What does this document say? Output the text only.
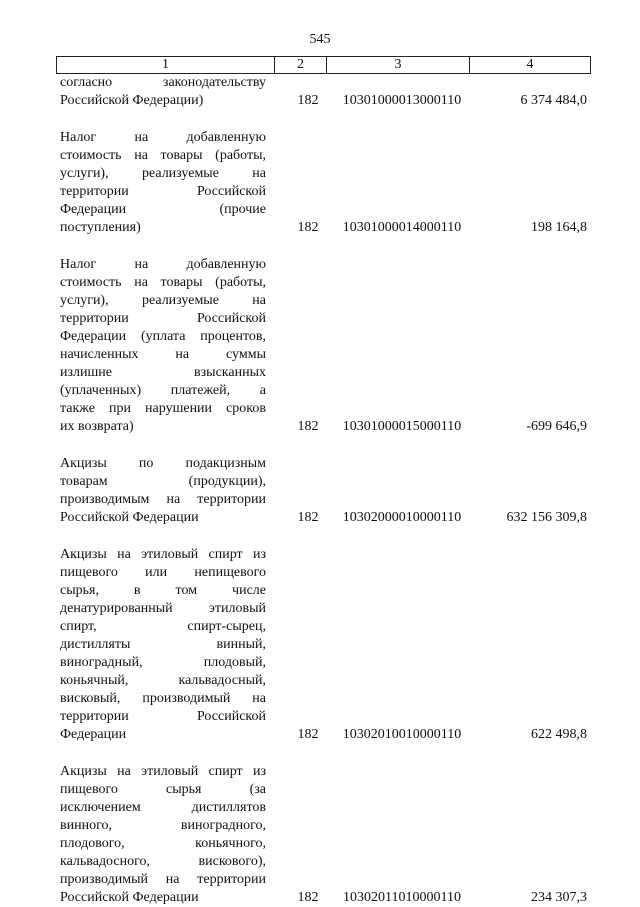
545
1	2	3	4
согласно законодательству
Российской Федерации)	182	10301000013000110	6 374 484,0
Налог на добавленную
стоимость на товары (работы,
услуги), реализуемые на
территории Российской
Федерации (прочие
поступления)	182	10301000014000110	198 164,8
Налог на добавленную
стоимость на товары (работы,
услуги), реализуемые на
территории Российской
Федерации (уплата процентов,
начисленных на суммы
излишне взысканных
(уплаченных) платежей, а
также при нарушении сроков
их возврата)	182	10301000015000110	-699 646,9
Акцизы по подакцизным
товарам (продукции),
производимым на территории
Российской Федерации	182	10302000010000110	632 156 309,8
Акцизы на этиловый спирт из
пищевого или непищевого
сырья, в том числе
денатурированный этиловый
спирт, спирт-сырец,
дистилляты винный,
виноградный, плодовый,
коньячный, кальвадосный,
висковый, производимый на
территории Российской
Федерации	182	10302010010000110	622 498,8
Акцизы на этиловый спирт из
пищевого сырья (за
исключением дистиллятов
винного, виноградного,
плодового, коньячного,
кальвадосного, вискового),
производимый на территории
Российской Федерации	182	10302011010000110	234 307,3
